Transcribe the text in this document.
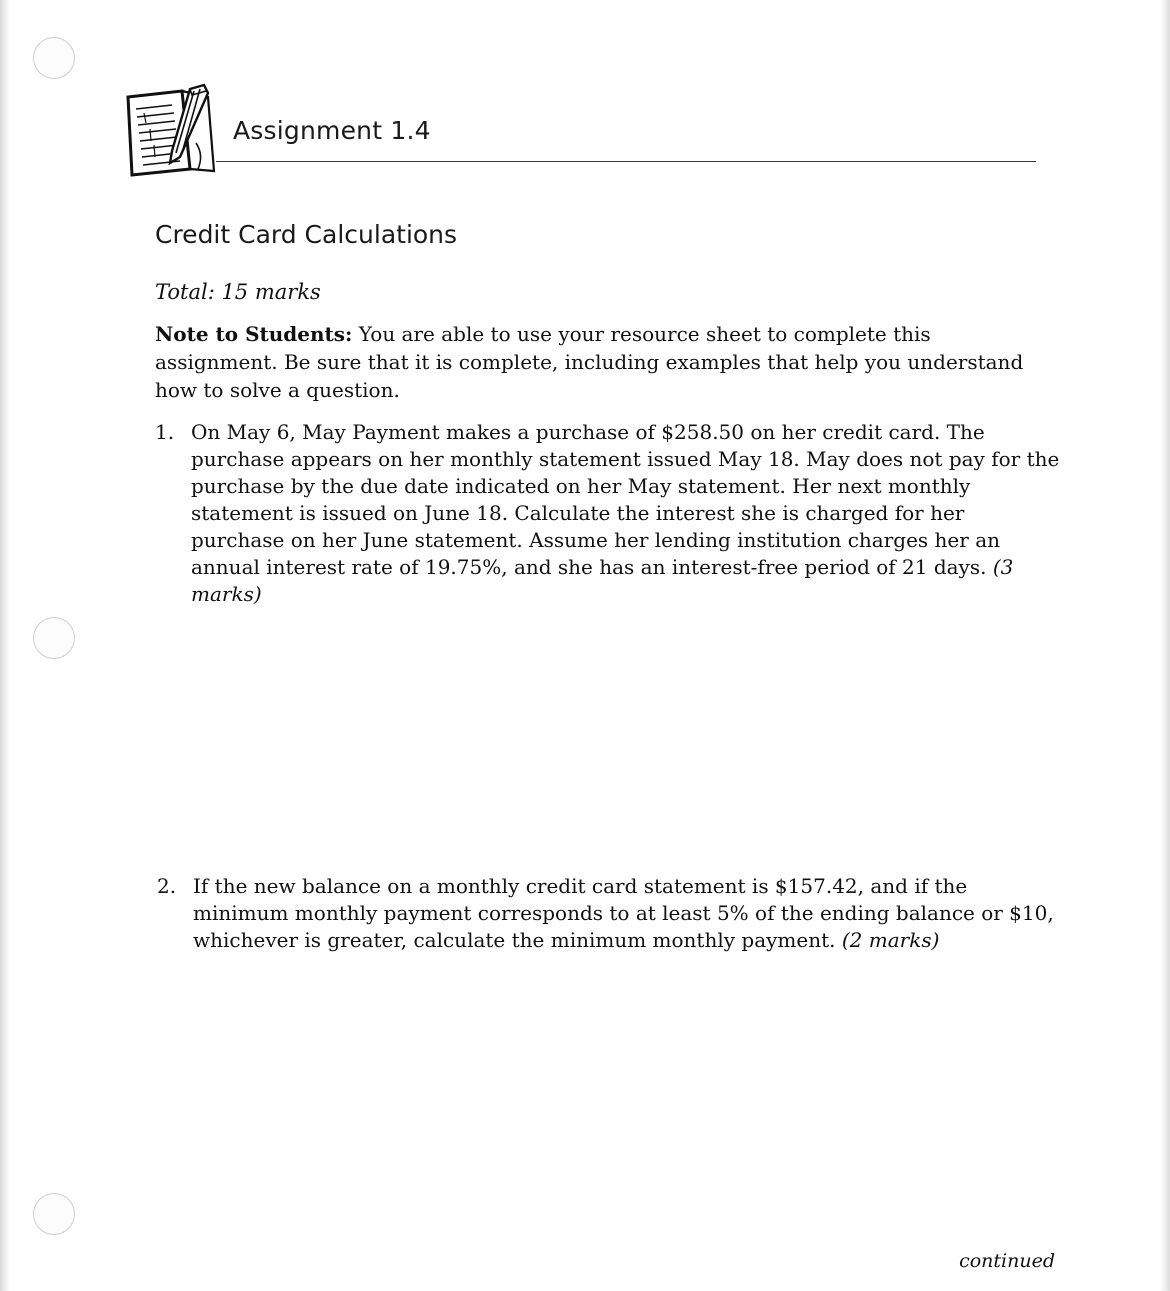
Assignment 1.4
Credit Card Calculations
Total: 15 marks
Note to Students: You are able to use your resource sheet to complete this assignment. Be sure that it is complete, including examples that help you understand how to solve a question.
1. On May 6, May Payment makes a purchase of $258.50 on her credit card. The purchase appears on her monthly statement issued May 18. May does not pay for the purchase by the due date indicated on her May statement. Her next monthly statement is issued on June 18. Calculate the interest she is charged for her purchase on her June statement. Assume her lending institution charges her an annual interest rate of 19.75%, and she has an interest-free period of 21 days. (3 marks)
2. If the new balance on a monthly credit card statement is $157.42, and if the minimum monthly payment corresponds to at least 5% of the ending balance or $10, whichever is greater, calculate the minimum monthly payment. (2 marks)
continued
